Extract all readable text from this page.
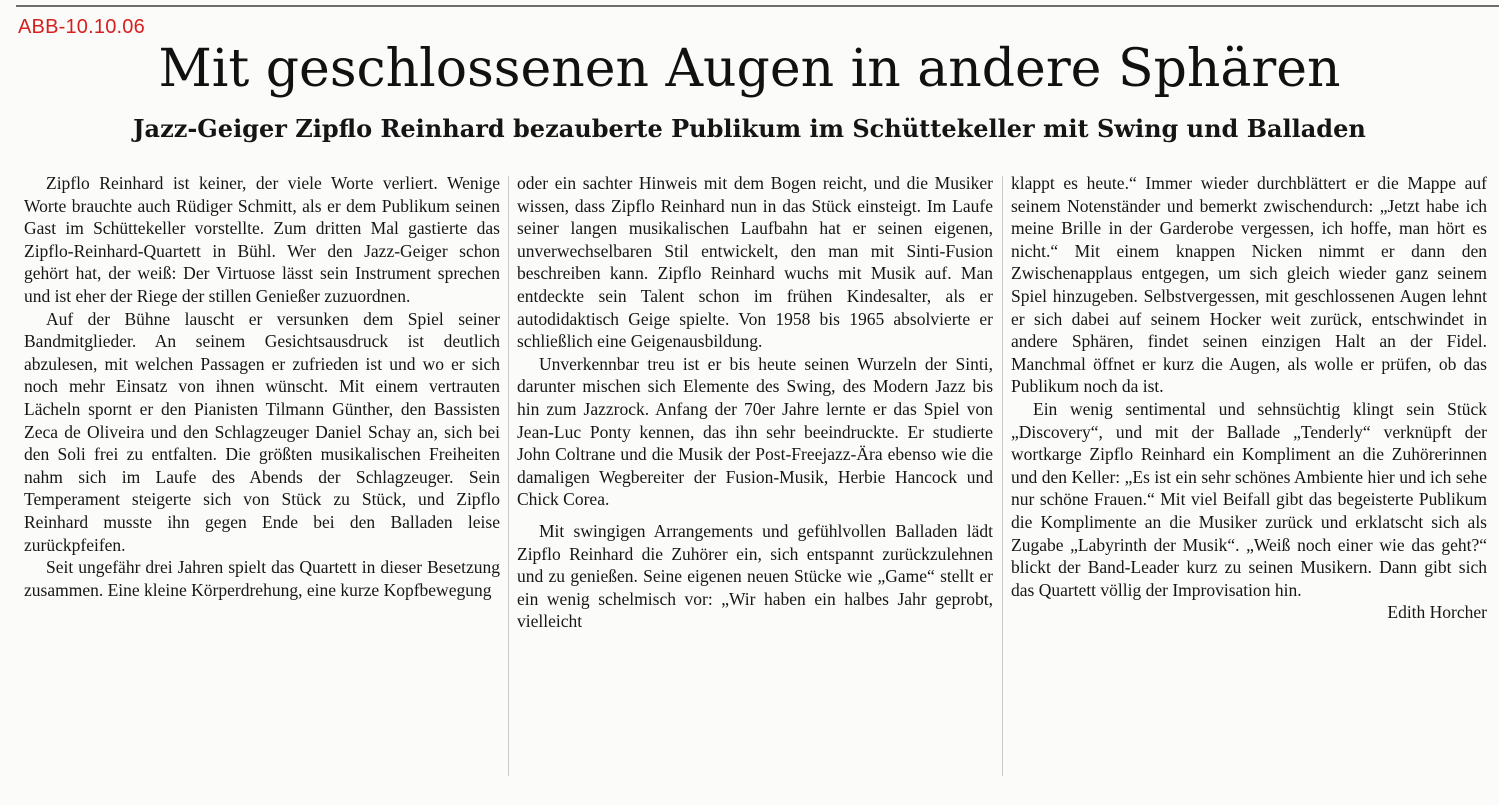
ABB-10.10.06
Mit geschlossenen Augen in andere Sphären
Jazz-Geiger Zipflo Reinhard bezauberte Publikum im Schüttekeller mit Swing und Balladen

Zipflo Reinhard ist keiner, der viele Worte verliert. Wenige Worte brauchte auch Rüdiger Schmitt, als er dem Publikum seinen Gast im Schüttekeller vorstellte. Zum dritten Mal gastierte das Zipflo-Reinhard-Quartett in Bühl. Wer den Jazz-Geiger schon gehört hat, der weiß: Der Virtuose lässt sein Instrument sprechen und ist eher der Riege der stillen Genießer zuzuordnen.

Auf der Bühne lauscht er versunken dem Spiel seiner Bandmitglieder. An seinem Gesichtsausdruck ist deutlich abzulesen, mit welchen Passagen er zufrieden ist und wo er sich noch mehr Einsatz von ihnen wünscht. Mit einem vertrauten Lächeln spornt er den Pianisten Tilmann Günther, den Bassisten Zeca de Oliveira und den Schlagzeuger Daniel Schay an, sich bei den Soli frei zu entfalten. Die größten musikalischen Freiheiten nahm sich im Laufe des Abends der Schlagzeuger. Sein Temperament steigerte sich von Stück zu Stück, und Zipflo Reinhard musste ihn gegen Ende bei den Balladen leise zurückpfeifen.

Seit ungefähr drei Jahren spielt das Quartett in dieser Besetzung zusammen. Eine kleine Körperdrehung, eine kurze Kopfbewegung

oder ein sachter Hinweis mit dem Bogen reicht, und die Musiker wissen, dass Zipflo Reinhard nun in das Stück einsteigt. Im Laufe seiner langen musikalischen Laufbahn hat er seinen eigenen, unverwechselbaren Stil entwickelt, den man mit Sinti-Fusion beschreiben kann. Zipflo Reinhard wuchs mit Musik auf. Man entdeckte sein Talent schon im frühen Kindesalter, als er autodidaktisch Geige spielte. Von 1958 bis 1965 absolvierte er schließlich eine Geigenausbildung.

Unverkennbar treu ist er bis heute seinen Wurzeln der Sinti, darunter mischen sich Elemente des Swing, des Modern Jazz bis hin zum Jazzrock. Anfang der 70er Jahre lernte er das Spiel von Jean-Luc Ponty kennen, das ihn sehr beeindruckte. Er studierte John Coltrane und die Musik der Post-Freejazz-Ära ebenso wie die damaligen Wegbereiter der Fusion-Musik, Herbie Hancock und Chick Corea.

Mit swingigen Arrangements und gefühlvollen Balladen lädt Zipflo Reinhard die Zuhörer ein, sich entspannt zurückzulehnen und zu genießen. Seine eigenen neuen Stücke wie „Game“ stellt er ein wenig schelmisch vor: „Wir haben ein halbes Jahr geprobt, vielleicht

klappt es heute.“ Immer wieder durchblättert er die Mappe auf seinem Notenständer und bemerkt zwischendurch: „Jetzt habe ich meine Brille in der Garderobe vergessen, ich hoffe, man hört es nicht.“ Mit einem knappen Nicken nimmt er dann den Zwischenapplaus entgegen, um sich gleich wieder ganz seinem Spiel hinzugeben. Selbstvergessen, mit geschlossenen Augen lehnt er sich dabei auf seinem Hocker weit zurück, entschwindet in andere Sphären, findet seinen einzigen Halt an der Fidel. Manchmal öffnet er kurz die Augen, als wolle er prüfen, ob das Publikum noch da ist.

Ein wenig sentimental und sehnsüchtig klingt sein Stück „Discovery“, und mit der Ballade „Tenderly“ verknüpft der wortkarge Zipflo Reinhard ein Kompliment an die Zuhörerinnen und den Keller: „Es ist ein sehr schönes Ambiente hier und ich sehe nur schöne Frauen.“ Mit viel Beifall gibt das begeisterte Publikum die Komplimente an die Musiker zurück und erklatscht sich als Zugabe „Labyrinth der Musik“. „Weiß noch einer wie das geht?“ blickt der Band-Leader kurz zu seinen Musikern. Dann gibt sich das Quartett völlig der Improvisation hin.

Edith Horcher
